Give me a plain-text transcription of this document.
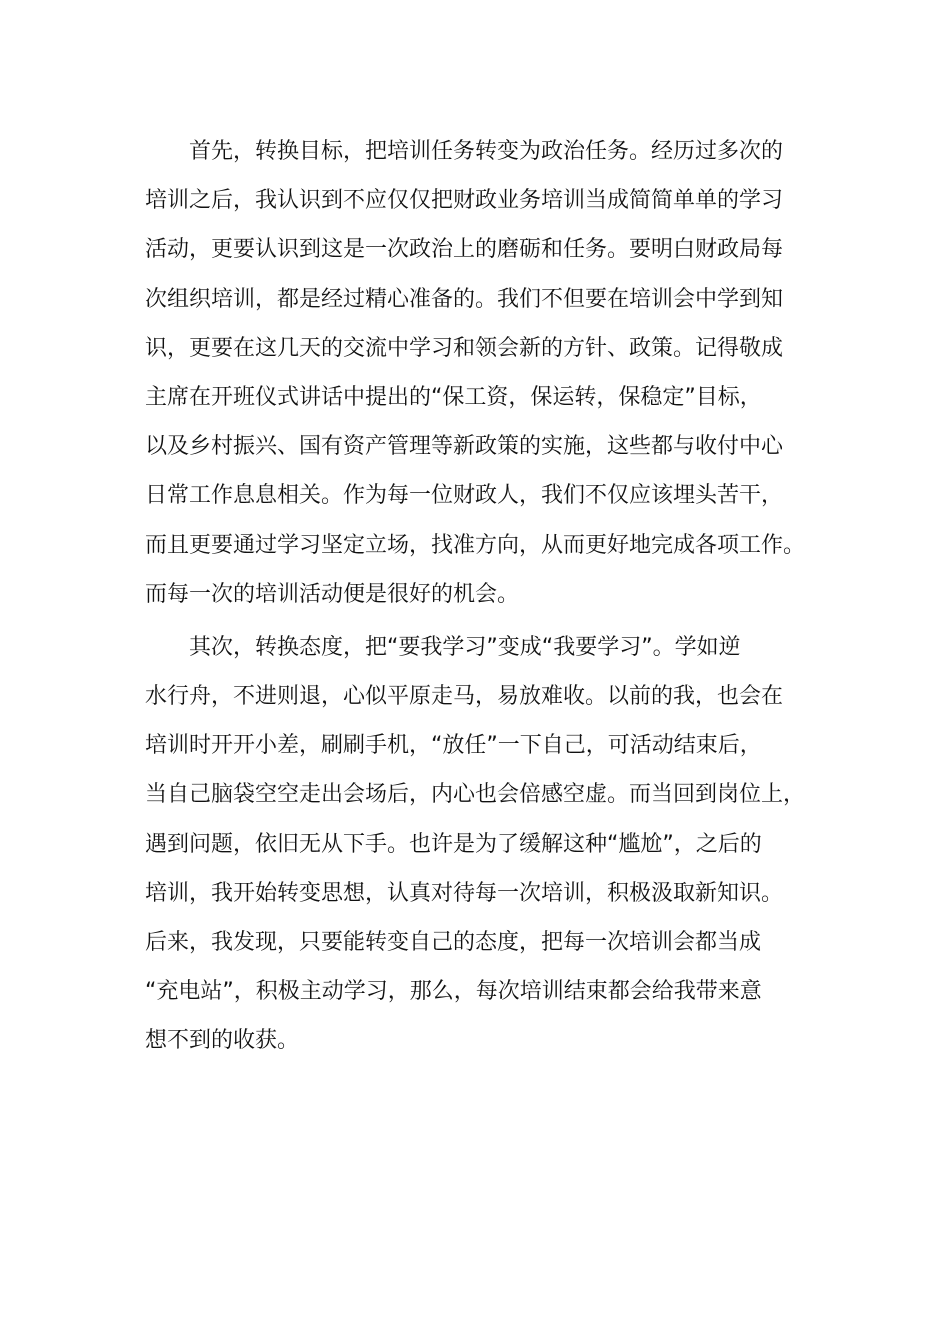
首先，转换目标，把培训任务转变为政治任务。经历过多次的
培训之后，我认识到不应仅仅把财政业务培训当成简简单单的学习
活动，更要认识到这是一次政治上的磨砺和任务。要明白财政局每
次组织培训，都是经过精心准备的。我们不但要在培训会中学到知
识，更要在这几天的交流中学习和领会新的方针、政策。记得敬成
主席在开班仪式讲话中提出的“保工资，保运转，保稳定”目标，
以及乡村振兴、国有资产管理等新政策的实施，这些都与收付中心
日常工作息息相关。作为每一位财政人，我们不仅应该埋头苦干，
而且更要通过学习坚定立场，找准方向，从而更好地完成各项工作。
而每一次的培训活动便是很好的机会。
其次，转换态度，把“要我学习”变成“我要学习”。学如逆
水行舟，不进则退，心似平原走马，易放难收。以前的我，也会在
培训时开开小差，刷刷手机，“放任”一下自己，可活动结束后，
当自己脑袋空空走出会场后，内心也会倍感空虚。而当回到岗位上，
遇到问题，依旧无从下手。也许是为了缓解这种“尴尬”，之后的
培训，我开始转变思想，认真对待每一次培训，积极汲取新知识。
后来，我发现，只要能转变自己的态度，把每一次培训会都当成
“充电站”，积极主动学习，那么，每次培训结束都会给我带来意
想不到的收获。
